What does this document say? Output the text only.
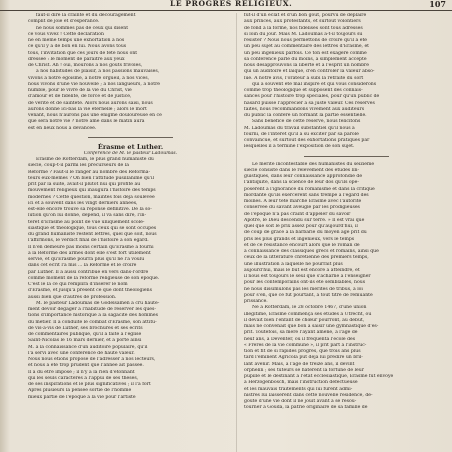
LE PROGRÈS RELIGIEUX.	107

faut-il dire la crainte et du découragement

complit de joie et d'espérance.

ne nous sommes pas de ceux qui disent

ce vous vivez ! Cette déclaration

ne en même temps une exhortation à nos

ce qu'il y a de bon en lui. Nous avons tous

tous, l'invitation que ces jours de fête nous ont

dressée : le moment de paraître aux yeux

de Christ. Ah ! oui, mourons à nos goûts frivoles,

à nos habitudes de plaisir, à nos passions mauvaises,

vivons à notre égoïsme, à notre orgueil, à nos vices,

nous vivons d'une vie nouvelle ; à nos langueurs, à notre

humble, pour le vivre de la vie du Christ, vie

d'amour et de fidélité, de force et de justice,

de vérité et de sainteté. Alors nous aurons saisi, nous

aurons donné ici-bas la vie éternelle ; alors le mort

venant, nous n'aurons pas une énigme douloureuse en ce

que sera notre vie ? notre âme dans le matin aura

est en lieux nous à devancée.

Érasme et Luther.

Conférence de M. le pasteur Ladoumas.

Érasme de Rotterdam, le plus grand humaniste du

siècle, coup-t-il parmi les précurseurs de la

Réforme ? Faut-il le ranger au nombre des Réforma-

teurs eux-mêmes ? On bien l'attitude pusillanime qu'il

prit par la suite, avait-il plutôt nui qui profité au

mouvement religieux qui inaugura l'histoire des temps

modernes ? Cette question, maintes fois déjà soulevée

ici et à souvent dans les vingt derniers années,

est-elle encore trouvé sa réponse définitive. De la so-

lution qu'on lui donne, dépend, il va sans dire, l'in-

térêt d'Érasme au point de vue uniquement scolé-

siastique et théologique, tous ceux qui se sont occupés

du grand humaniste restent lettrés, quel que soit, nous

l'affirmons, le verdict final de l'histoire à son égard.

Il n'en demeure pas moins certain qu'Érasme a fourni

à la Réforme des armes dont elle s'est fort utilement

servie, et qu'Érasme pourra plus qu'il ne l'a voulu

dans cet écrit l'a mis ... la Réforme et le croire

par Luther. Il a aussi contribué en vers dans-l'ordre

comme moment de la réforme religieuse de son époque.

C'est le là ce qui remplira d'insérer le nom

d'Érasme, et jusqu'à présent ce que dont théologiens

aussi bien que d'autres de profession.

M. le pasteur Ladoumas de Gödelsamen a cru haute-

ment devoir dégager à l'habitude de réserver les ques-

tions d'importance historique à la sagacité des hommes

du métier. Il a conduite le combat d'Érasme, son attitu-

de vis-à-vis de Luther, ses brochures et ses écrits

de commentaires publique, qu'il a faite à l'église

Saint-Nicolas le 16 mars dernier, et a porté ainsi

M. à la connaissance d'un auditoire populaire, qu'il

l'a servi avec une conférence de haute valeur.

Nous nous étions proposé de l'adresser à nos lecteurs,

et nous a été trop prudent que l'année ait passée.

Il a dû être imposé ; il n'y a la rien d'étonnant

qui les seuls caractères à l'appui de ses thèses,

de ses inspirations et le plus significatives ; il l'a fort

Après plusieurs la pensée sortie de l'homme

mieux partie de l'époque à la vie pour l'artiste

fût-il d'un éclat et d'un bon goût, pourvu de déplaire

aux princes, aux protestants, et surtout volontiers

de fond à la forme, nos fidélisés sont tous adressés

si loin du jour. Mais M. Ladoumas a-t-il toujours su

résister ? Nous nous permettons de croire qu'il a été

un peu sujet au commentaire des lettres d'Érasme, et

un peu ingénieux parfois. Ce ton est exagéré comme

sa conférence parlé du moins, à simplement accepté

nous désapprouvons la liberté et à l'esprit un nombre

qui un auditoire et laïque, d'en contrôler la valeur abso-

lue. À notre avis, l'orateur a subi la retraite du sort

qui a souvent été mal inspiré et qui vous considérons

comme trop théologique et supposent des connais-

sances pour l'histoire trop spéciales, pour qu'un public de

hasard puisse l'apprécier à sa juste valeur. Ces réserves

faites, nous recommandons vivement aux auditeurs

du public la confère un formant la partie essentielle.

Sans bénéfice de cette réserve, nous félicitons

M. Ladoumas du travail substantiel qu'il nous a

fourni, de l'intérêt qu'il a su exciter par sa parole

convaincue, et surtout des exhortations pratiques par

lesquelles il a terminé l'exposition de son sujet.

Le mérite incontestable des humanistes du seizième

siècle consiste dans le relèvement des études lin-

guistiques, dans leur connaissance approfondie de

l'antiquité, dans la science de leur dos qu'ils ope-

posèrent à l'ignorance du romanisme et dans la critique

mordante qu'ils exercèrent sans trempe à l'égard des

moines. À leur tête marche Érasme avec l'autorité

conservée du savant aveuglé par les prodigieuses

de l'époque n'a pas craint d'appeler du savoir

Apôtre, le Dieu descendu sur terre. » Il est vrai que

quel que soit le prix assez pour qu'aujourd'hui, il

de coup de grâce à la barbarie du moyen âge prit du

pris les plus grands et ingénieux, vers le temps

et de ce résistance encourt alors que le roman de

à connaissance des classiques grecs et romains, ainsi que

ceux de la littérature chrétienne des premiers temps,

une illustration à laquelle ne pourrait plus

aujourd'hui, mais le but est encore à atteindre, et

il nous est toujours le seul que s'acharne à l'enseigner

pour les contemporains ont-ils été semblables, nous

ne nous dissimulons pas les mérites de tribus, à loi

pour s'en, que ce fut pourtant, à tout titre de remuante

prissance.

Né à Rotterdam, le 28 octobre 1467, d'une union

illégitime, Érasme commença ses études à Utrecht, où

il devait bien l'enfant de chœur pourront, au début,

mais ne convenait que bon à saisir une gymnastique d'es-

prit. Toutefois, sa mère l'ayant amené, à l'âge de

neuf ans, à Deventer, où il fréquenta l'école des

« Frères de la vie commune », il prit part à l'instruc-

tion et fit de si rapides progrès, que trois ans plus

tard l'éminent Agricola put déjà lui prédire un bril-

lant avenir. Mais, à l'âge de treize ans, il devint

orphelin ; ses tuteurs se hâtèrent la fortune de leur

pupille et le destinant à l'état ecclésiastique, Érasme fut envoyé

à Herzogenbosch, mais l'instruction défectueuse

et les mauvais traitements qui lui furent admi-

nistrés lui laissèrent dans cette nouvelle résidence, dé-

goûté d'une vie dont il ne jouit avant à se résou-

tourner à Gouda, la patrie originaire de sa famille de
